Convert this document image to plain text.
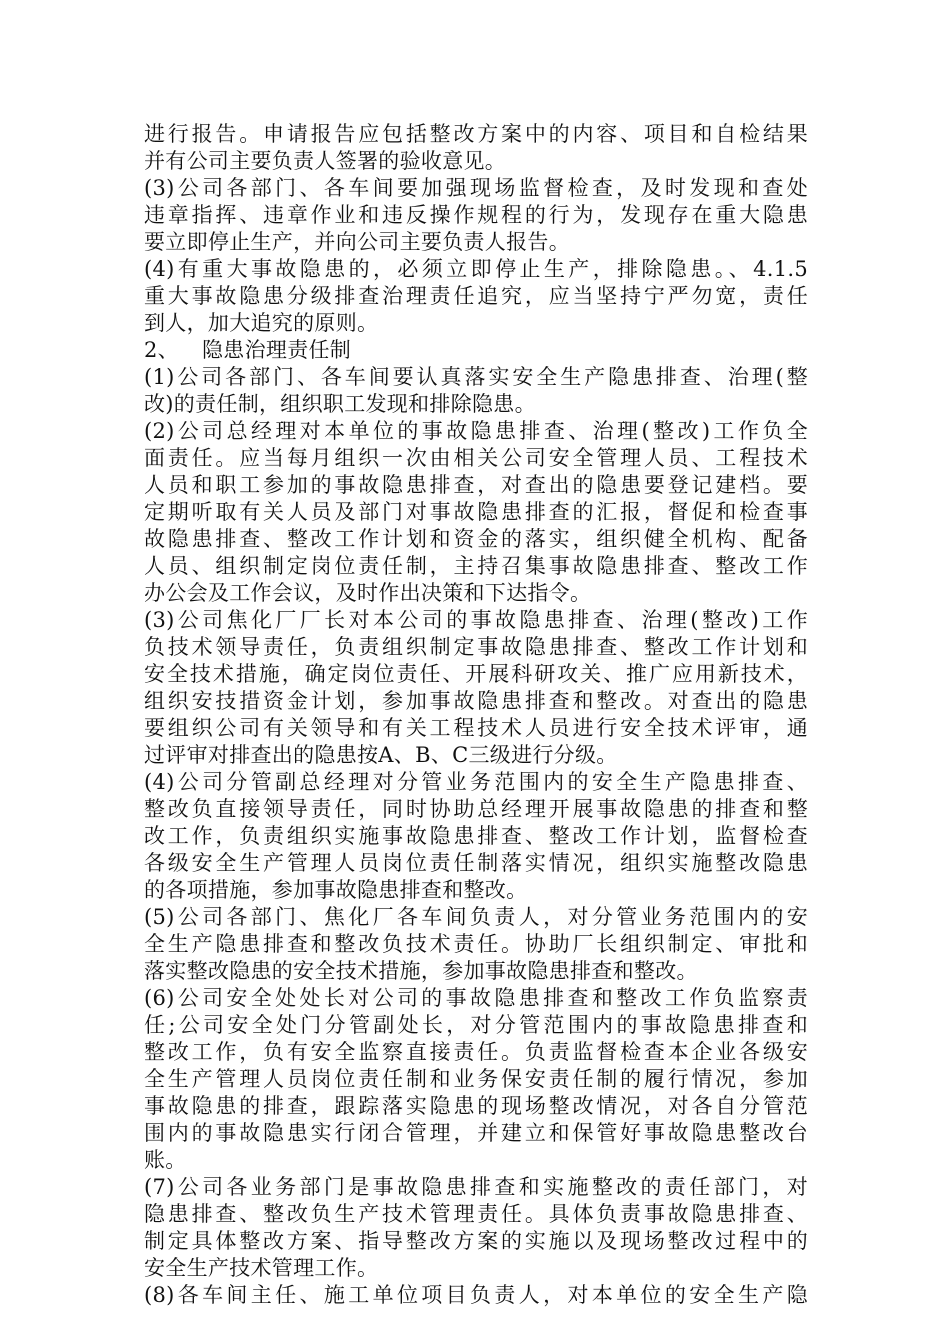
进行报告。申请报告应包括整改方案中的内容、项目和自检结果
并有公司主要负责人签署的验收意见。
(3)公司各部门、各车间要加强现场监督检查，及时发现和查处
违章指挥、违章作业和违反操作规程的行为，发现存在重大隐患
要立即停止生产，并向公司主要负责人报告。
(4)有重大事故隐患的，必须立即停止生产，排除隐患。、4.1.5
重大事故隐患分级排查治理责任追究，应当坚持宁严勿宽，责任
到人，加大追究的原则。
2、 隐患治理责任制
(1)公司各部门、各车间要认真落实安全生产隐患排查、治理(整
改)的责任制，组织职工发现和排除隐患。
(2)公司总经理对本单位的事故隐患排查、治理(整改)工作负全
面责任。应当每月组织一次由相关公司安全管理人员、工程技术
人员和职工参加的事故隐患排查，对查出的隐患要登记建档。要
定期听取有关人员及部门对事故隐患排查的汇报，督促和检查事
故隐患排查、整改工作计划和资金的落实，组织健全机构、配备
人员、组织制定岗位责任制，主持召集事故隐患排查、整改工作
办公会及工作会议，及时作出决策和下达指令。
(3)公司焦化厂厂长对本公司的事故隐患排查、治理(整改)工作
负技术领导责任，负责组织制定事故隐患排查、整改工作计划和
安全技术措施，确定岗位责任、开展科研攻关、推广应用新技术，
组织安技措资金计划，参加事故隐患排查和整改。对查出的隐患
要组织公司有关领导和有关工程技术人员进行安全技术评审，通
过评审对排查出的隐患按A、B、C三级进行分级。
(4)公司分管副总经理对分管业务范围内的安全生产隐患排查、
整改负直接领导责任，同时协助总经理开展事故隐患的排查和整
改工作，负责组织实施事故隐患排查、整改工作计划，监督检查
各级安全生产管理人员岗位责任制落实情况，组织实施整改隐患
的各项措施，参加事故隐患排查和整改。
(5)公司各部门、焦化厂各车间负责人，对分管业务范围内的安
全生产隐患排查和整改负技术责任。协助厂长组织制定、审批和
落实整改隐患的安全技术措施，参加事故隐患排查和整改。
(6)公司安全处处长对公司的事故隐患排查和整改工作负监察责
任;公司安全处门分管副处长，对分管范围内的事故隐患排查和
整改工作，负有安全监察直接责任。负责监督检查本企业各级安
全生产管理人员岗位责任制和业务保安责任制的履行情况，参加
事故隐患的排查，跟踪落实隐患的现场整改情况，对各自分管范
围内的事故隐患实行闭合管理，并建立和保管好事故隐患整改台
账。
(7)公司各业务部门是事故隐患排查和实施整改的责任部门，对
隐患排查、整改负生产技术管理责任。具体负责事故隐患排查、
制定具体整改方案、指导整改方案的实施以及现场整改过程中的
安全生产技术管理工作。
(8)各车间主任、施工单位项目负责人，对本单位的安全生产隐
